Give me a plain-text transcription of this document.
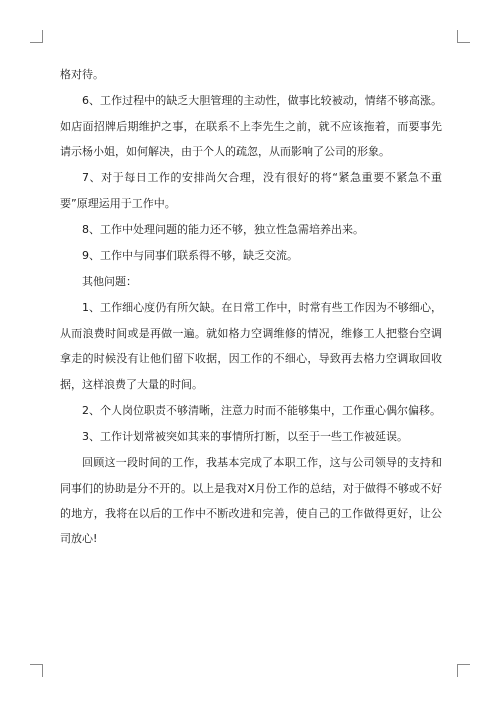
格对待。

6、工作过程中的缺乏大胆管理的主动性，做事比较被动，情绪不够高涨。如店面招牌后期维护之事，在联系不上李先生之前，就不应该拖着，而要事先请示杨小姐，如何解决，由于个人的疏忽，从而影响了公司的形象。

7、对于每日工作的安排尚欠合理，没有很好的将“紧急重要不紧急不重要”原理运用于工作中。

8、工作中处理问题的能力还不够，独立性急需培养出来。

9、工作中与同事们联系得不够，缺乏交流。

其他问题：

1、工作细心度仍有所欠缺。在日常工作中，时常有些工作因为不够细心，从而浪费时间或是再做一遍。就如格力空调维修的情况，维修工人把整台空调拿走的时候没有让他们留下收据，因工作的不细心，导致再去格力空调取回收据，这样浪费了大量的时间。

2、个人岗位职责不够清晰，注意力时而不能够集中，工作重心偶尔偏移。

3、工作计划常被突如其来的事情所打断，以至于一些工作被延误。

回顾这一段时间的工作，我基本完成了本职工作，这与公司领导的支持和同事们的协助是分不开的。以上是我对X月份工作的总结，对于做得不够或不好的地方，我将在以后的工作中不断改进和完善，使自己的工作做得更好，让公司放心!
